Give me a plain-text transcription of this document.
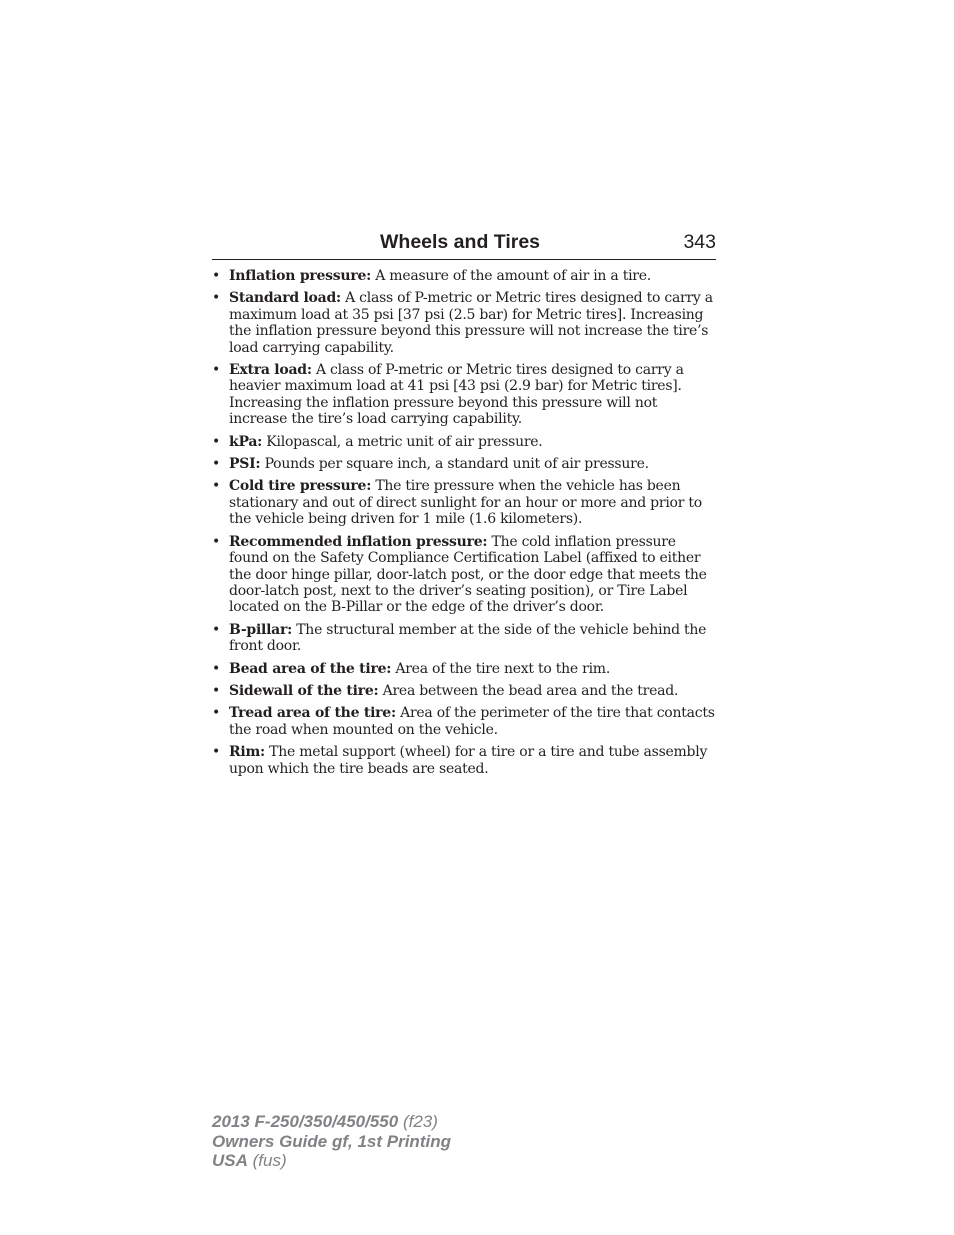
Wheels and Tires	343
• Inflation pressure: A measure of the amount of air in a tire.
• Standard load: A class of P-metric or Metric tires designed to carry a maximum load at 35 psi [37 psi (2.5 bar) for Metric tires]. Increasing the inflation pressure beyond this pressure will not increase the tire’s load carrying capability.
• Extra load: A class of P-metric or Metric tires designed to carry a heavier maximum load at 41 psi [43 psi (2.9 bar) for Metric tires]. Increasing the inflation pressure beyond this pressure will not increase the tire’s load carrying capability.
• kPa: Kilopascal, a metric unit of air pressure.
• PSI: Pounds per square inch, a standard unit of air pressure.
• Cold tire pressure: The tire pressure when the vehicle has been stationary and out of direct sunlight for an hour or more and prior to the vehicle being driven for 1 mile (1.6 kilometers).
• Recommended inflation pressure: The cold inflation pressure found on the Safety Compliance Certification Label (affixed to either the door hinge pillar, door-latch post, or the door edge that meets the door-latch post, next to the driver’s seating position), or Tire Label located on the B-Pillar or the edge of the driver’s door.
• B-pillar: The structural member at the side of the vehicle behind the front door.
• Bead area of the tire: Area of the tire next to the rim.
• Sidewall of the tire: Area between the bead area and the tread.
• Tread area of the tire: Area of the perimeter of the tire that contacts the road when mounted on the vehicle.
• Rim: The metal support (wheel) for a tire or a tire and tube assembly upon which the tire beads are seated.
2013 F-250/350/450/550 (f23)
Owners Guide gf, 1st Printing
USA (fus)
